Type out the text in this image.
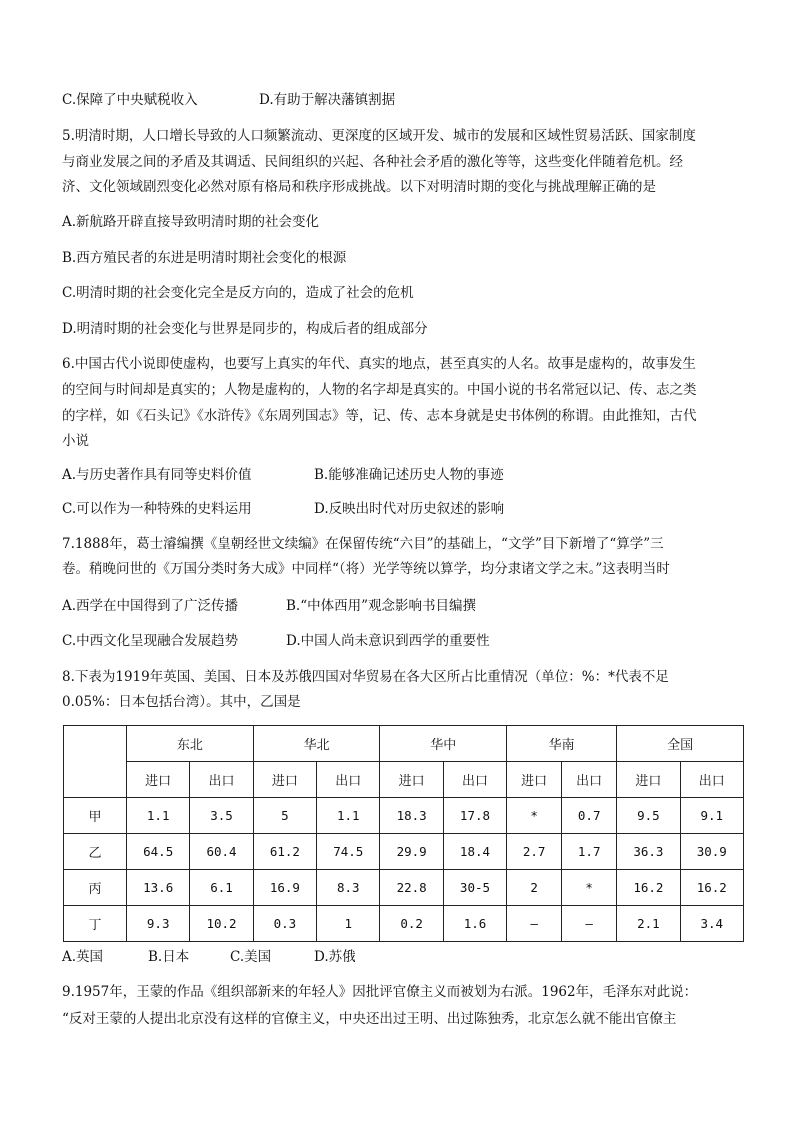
C.保障了中央赋税收入	D.有助于解决藩镇割据
5.明清时期，人口增长导致的人口频繁流动、更深度的区域开发、城市的发展和区域性贸易活跃、国家制度
与商业发展之间的矛盾及其调适、民间组织的兴起、各种社会矛盾的激化等等，这些变化伴随着危机。经
济、文化领域剧烈变化必然对原有格局和秩序形成挑战。以下对明清时期的变化与挑战理解正确的是
A.新航路开辟直接导致明清时期的社会变化
B.西方殖民者的东进是明清时期社会变化的根源
C.明清时期的社会变化完全是反方向的，造成了社会的危机
D.明清时期的社会变化与世界是同步的，构成后者的组成部分
6.中国古代小说即使虚构，也要写上真实的年代、真实的地点，甚至真实的人名。故事是虚构的，故事发生
的空间与时间却是真实的；人物是虚构的，人物的名字却是真实的。中国小说的书名常冠以记、传、志之类
的字样，如《石头记》《水浒传》《东周列国志》等，记、传、志本身就是史书体例的称谓。由此推知，古代
小说
A.与历史著作具有同等史料价值	B.能够准确记述历史人物的事迹
C.可以作为一种特殊的史料运用	D.反映出时代对历史叙述的影响
7.1888年，葛士濬编撰《皇朝经世文续编》在保留传统“六目”的基础上，“文学”目下新增了“算学”三
卷。稍晚问世的《万国分类时务大成》中同样“（将）光学等统以算学，均分隶诸文学之末。”这表明当时
A.西学在中国得到了广泛传播	B.“中体西用”观念影响书目编撰
C.中西文化呈现融合发展趋势	D.中国人尚未意识到西学的重要性
8.下表为1919年英国、美国、日本及苏俄四国对华贸易在各大区所占比重情况（单位：%：*代表不足
0.05%：日本包括台湾）。其中，乙国是
	东北		华北		华中		华南		全国	
	进口	出口	进口	出口	进口	出口	进口	出口	进口	出口
甲	1.1	3.5	5	1.1	18.3	17.8	*	0.7	9.5	9.1
乙	64.5	60.4	61.2	74.5	29.9	18.4	2.7	1.7	36.3	30.9
丙	13.6	6.1	16.9	8.3	22.8	30-5	2	*	16.2	16.2
丁	9.3	10.2	0.3	1	0.2	1.6	—	—	2.1	3.4
A.英国	B.日本	C.美国	D.苏俄
9.1957年，王蒙的作品《组织部新来的年轻人》因批评官僚主义而被划为右派。1962年，毛泽东对此说：
“反对王蒙的人提出北京没有这样的官僚主义，中央还出过王明、出过陈独秀，北京怎么就不能出官僚主
